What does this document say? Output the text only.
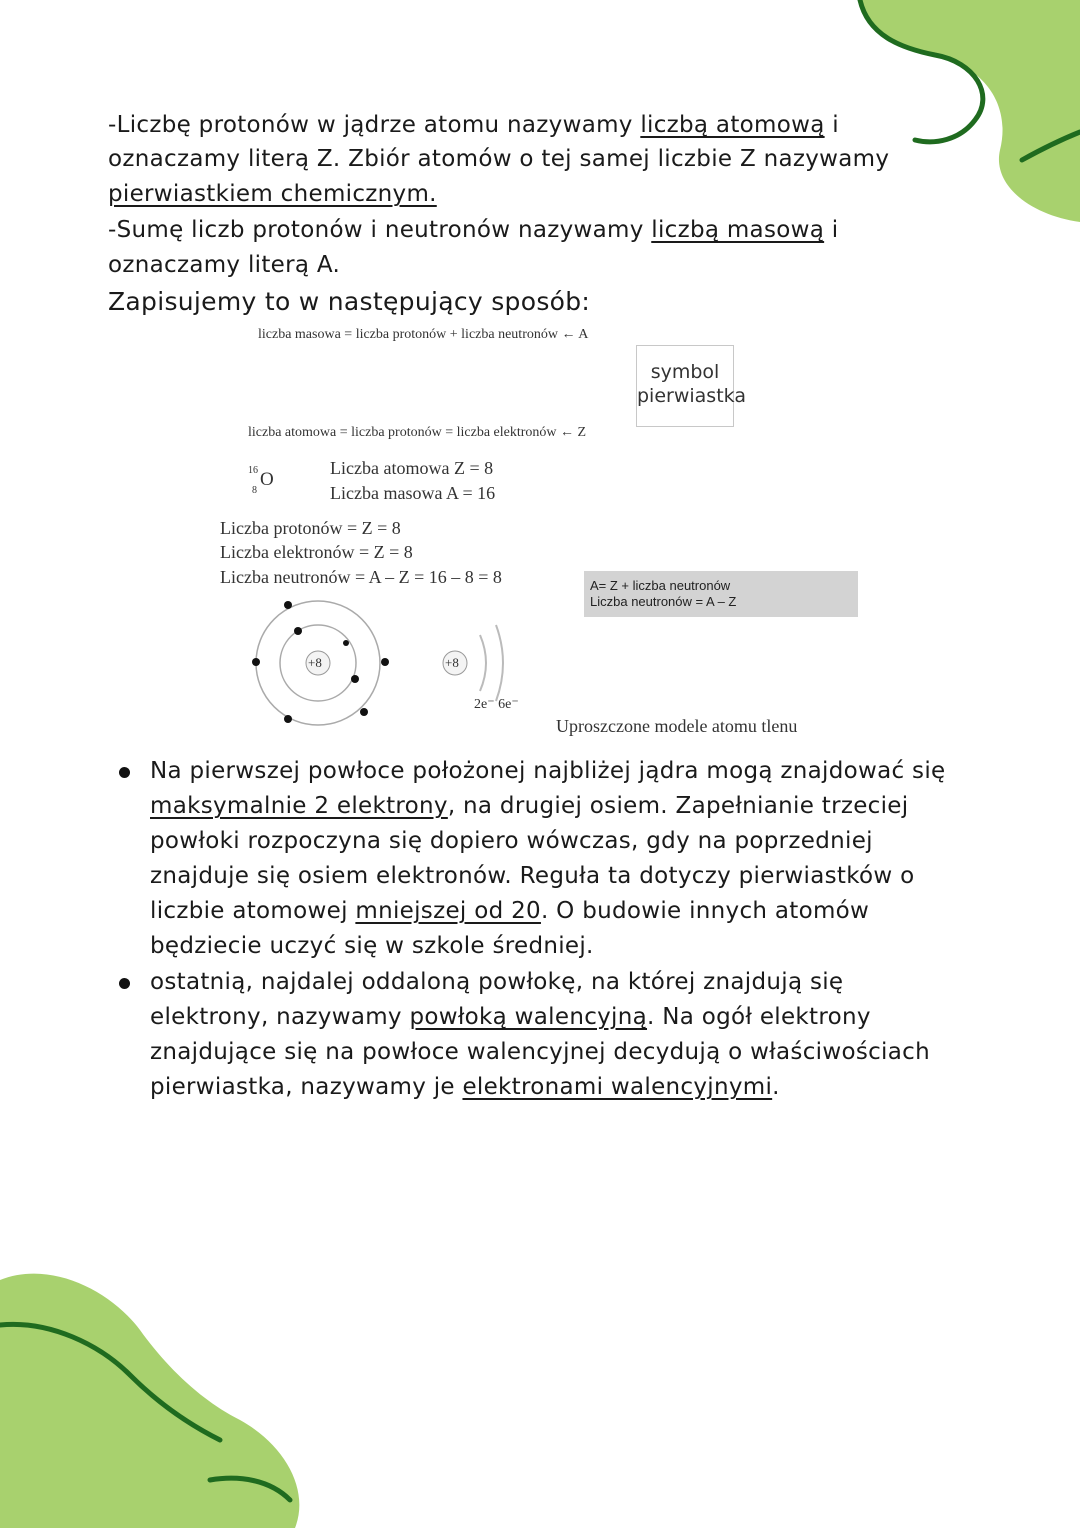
-Liczbę protonów w jądrze atomu nazywamy liczbą atomową i
oznaczamy literą Z. Zbiór atomów o tej samej liczbie Z nazywamy
pierwiastkiem chemicznym.
-Sumę liczb protonów i neutronów nazywamy liczbą masową i
oznaczamy literą A.
Zapisujemy to w następujący sposób:
liczba masowa = liczba protonów + liczba neutronów ← A
symbol
pierwiastka
liczba atomowa = liczba protonów = liczba elektronów ← Z
16
8
O
Liczba atomowa Z = 8
Liczba masowa A = 16
Liczba protonów = Z = 8
Liczba elektronów = Z = 8
Liczba neutronów = A – Z = 16 – 8 = 8	A= Z + liczba neutronów
Liczba neutronów = A – Z
+8	+8
2e⁻ 6e⁻
Uproszczone modele atomu tlenu
Na pierwszej powłoce położonej najbliżej jądra mogą znajdować się
maksymalnie 2 elektrony, na drugiej osiem. Zapełnianie trzeciej
powłoki rozpoczyna się dopiero wówczas, gdy na poprzedniej
znajduje się osiem elektronów. Reguła ta dotyczy pierwiastków o
liczbie atomowej mniejszej od 20. O budowie innych atomów
będziecie uczyć się w szkole średniej.
ostatnią, najdalej oddaloną powłokę, na której znajdują się
elektrony, nazywamy powłoką walencyjną. Na ogół elektrony
znajdujące się na powłoce walencyjnej decydują o właściwościach
pierwiastka, nazywamy je elektronami walencyjnymi.
